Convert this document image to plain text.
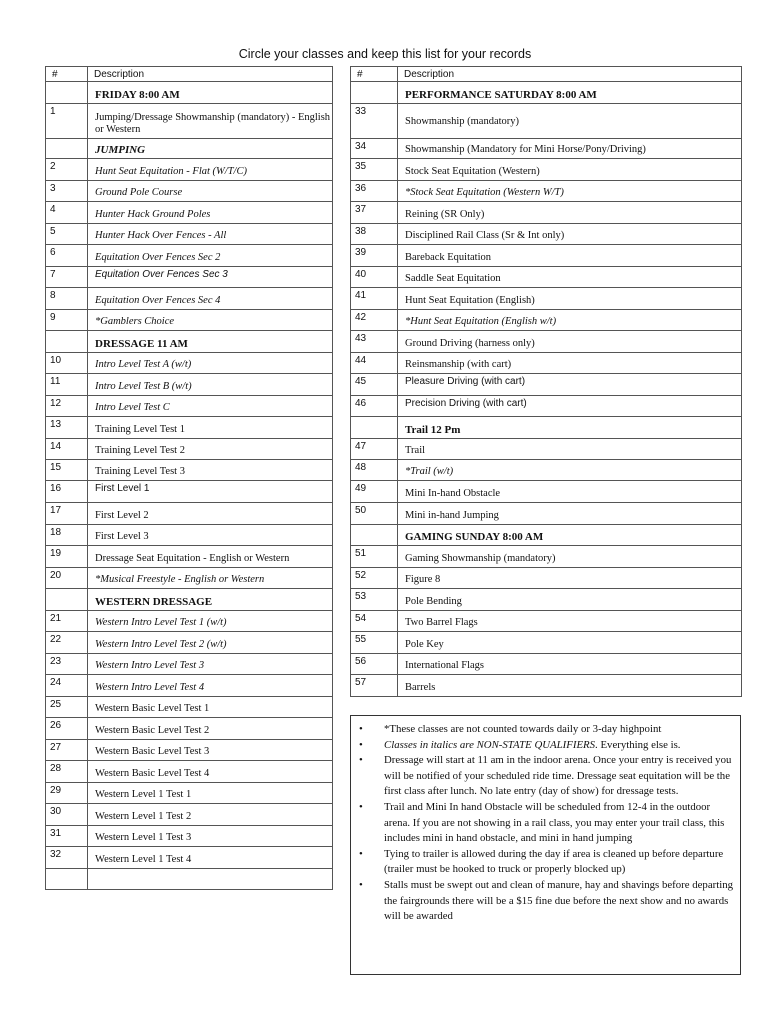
Circle your classes and keep this list for your records
#	Description
	FRIDAY 8:00 AM
1	Jumping/Dressage Showmanship (mandatory) - English or Western
	JUMPING
2	Hunt Seat Equitation - Flat (W/T/C)
3	Ground Pole Course
4	Hunter Hack Ground Poles
5	Hunter Hack Over Fences - All
6	Equitation Over Fences Sec 2
7	Equitation Over Fences Sec 3
8	Equitation Over Fences Sec 4
9	*Gamblers Choice
	DRESSAGE 11 AM
10	Intro Level Test A (w/t)
11	Intro Level Test B (w/t)
12	Intro Level Test C
13	Training Level Test 1
14	Training Level Test 2
15	Training Level Test 3
16	First Level 1
17	First Level 2
18	First Level 3
19	Dressage Seat Equitation - English or Western
20	*Musical Freestyle - English or Western
	WESTERN DRESSAGE
21	Western Intro Level Test 1 (w/t)
22	Western Intro Level Test 2 (w/t)
23	Western Intro Level Test 3
24	Western Intro Level Test 4
25	Western Basic Level Test 1
26	Western Basic Level Test 2
27	Western Basic Level Test 3
28	Western Basic Level Test 4
29	Western Level 1 Test 1
30	Western Level 1 Test 2
31	Western Level 1 Test 3
32	Western Level 1 Test 4

#	Description
	PERFORMANCE SATURDAY 8:00 AM
33	Showmanship (mandatory)
34	Showmanship (Mandatory for Mini Horse/Pony/Driving)
35	Stock Seat Equitation (Western)
36	*Stock Seat Equitation (Western W/T)
37	Reining (SR Only)
38	Disciplined Rail Class (Sr & Int only)
39	Bareback Equitation
40	Saddle Seat Equitation
41	Hunt Seat Equitation (English)
42	*Hunt Seat Equitation (English w/t)
43	Ground Driving (harness only)
44	Reinsmanship (with cart)
45	Pleasure Driving (with cart)
46	Precision Driving (with cart)
	Trail 12 Pm
47	Trail
48	*Trail (w/t)
49	Mini In-hand Obstacle
50	Mini in-hand Jumping
	GAMING SUNDAY 8:00 AM
51	Gaming Showmanship (mandatory)
52	Figure 8
53	Pole Bending
54	Two Barrel Flags
55	Pole Key
56	International Flags
57	Barrels
• *These classes are not counted towards daily or 3-day highpoint
• Classes in italics are NON-STATE QUALIFIERS. Everything else is.
• Dressage will start at 11 am in the indoor arena. Once your entry is received you will be notified of your scheduled ride time. Dressage seat equitation will be the first class after lunch. No late entry (day of show) for dressage tests.
• Trail and Mini In hand Obstacle will be scheduled from 12-4 in the outdoor arena. If you are not showing in a rail class, you may enter your trail class, this includes mini in hand obstacle, and mini in hand jumping
• Tying to trailer is allowed during the day if area is cleaned up before departure (trailer must be hooked to truck or properly blocked up)
• Stalls must be swept out and clean of manure, hay and shavings before departing the fairgrounds there will be a $15 fine due before the next show and no awards will be awarded
